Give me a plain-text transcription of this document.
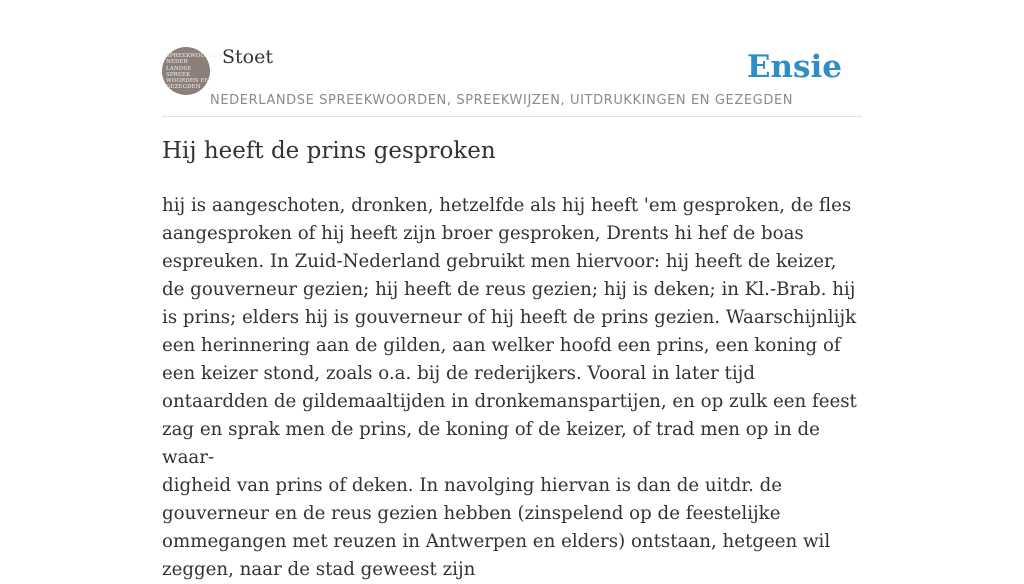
SPREEKWOORDEN
NEDER
LANDSE
SPREEK
WOORDEN EN
GEZEGDEN
Stoet
NEDERLANDSE SPREEKWOORDEN, SPREEKWIJZEN, UITDRUKKINGEN EN GEZEGDEN
Ensie
Hij heeft de prins gesproken

hij is aangeschoten, dronken, hetzelfde als hij heeft 'em gesproken, de fles aangesproken of hij heeft zijn broer gesproken, Drents hi hef de boas espreuken. In Zuid-Nederland gebruikt men hiervoor: hij heeft de keizer, de gouverneur gezien; hij heeft de reus gezien; hij is deken; in Kl.-Brab. hij is prins; elders hij is gouverneur of hij heeft de prins gezien. Waarschijnlijk een herinnering aan de gilden, aan welker hoofd een prins, een koning of een keizer stond, zoals o.a. bij de rederijkers. Vooral in later tijd ontaardden de gildemaaltijden in dronkemanspartijen, en op zulk een feest zag en sprak men de prins, de koning of de keizer, of trad men op in de waar-

digheid van prins of deken. In navolging hiervan is dan de uitdr. de gouverneur en de reus gezien hebben (zinspelend op de feestelijke ommegangen met reuzen in Antwerpen en elders) ontstaan, hetgeen wil zeggen, naar de stad geweest zijn
